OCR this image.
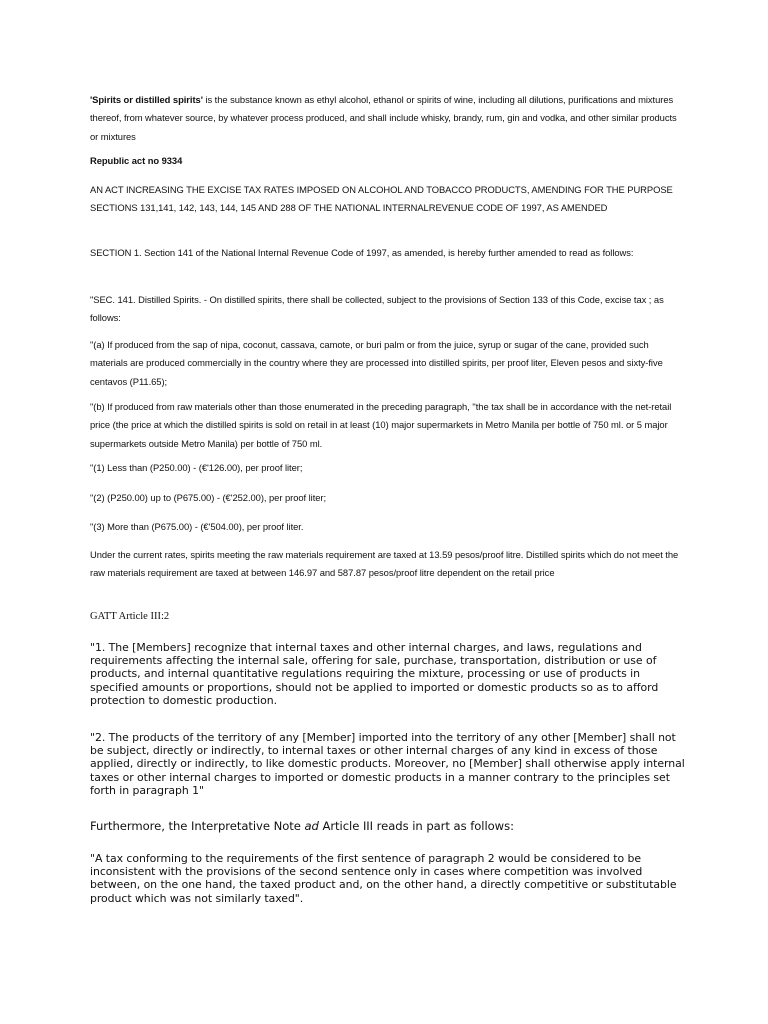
'Spirits or distilled spirits' is the substance known as ethyl alcohol, ethanol or spirits of wine, including all dilutions, purifications and mixtures thereof, from whatever source, by whatever process produced, and shall include whisky, brandy, rum, gin and vodka, and other similar products or mixtures

Republic act no 9334

AN ACT INCREASING THE EXCISE TAX RATES IMPOSED ON ALCOHOL AND TOBACCO PRODUCTS, AMENDING FOR THE PURPOSE SECTIONS 131,141, 142, 143, 144, 145 AND 288 OF THE NATIONAL INTERNALREVENUE CODE OF 1997, AS AMENDED

SECTION 1. Section 141 of the National Internal Revenue Code of 1997, as amended, is hereby further amended to read as follows:

"SEC. 141. Distilled Spirits. - On distilled spirits, there shall be collected, subject to the provisions of Section 133 of this Code, excise tax ; as follows:

"(a) If produced from the sap of nipa, coconut, cassava, camote, or buri palm or from the juice, syrup or sugar of the cane, provided such materials are produced commercially in the country where they are processed into distilled spirits, per proof liter, Eleven pesos and sixty-five centavos (P11.65);

"(b) If produced from raw materials other than those enumerated in the preceding paragraph, ''the tax shall be in accordance with the net-retail price (the price at which the distilled spirits is sold on retail in at least (10) major supermarkets in Metro Manila per bottle of 750 ml. or 5 major supermarkets outside Metro Manila) per bottle of 750 ml.

"(1) Less than (P250.00) - (€'126.00), per proof liter;

"(2) (P250.00) up to (P675.00) - (€'252.00), per proof liter;

"(3) More than (P675.00) - (€'504.00), per proof liter.

Under the current rates, spirits meeting the raw materials requirement are taxed at 13.59 pesos/proof litre. Distilled spirits which do not meet the raw materials requirement are taxed at between 146.97 and 587.87 pesos/proof litre dependent on the retail price

GATT Article III:2

"1. The [Members] recognize that internal taxes and other internal charges, and laws, regulations and requirements affecting the internal sale, offering for sale, purchase, transportation, distribution or use of products, and internal quantitative regulations requiring the mixture, processing or use of products in specified amounts or proportions, should not be applied to imported or domestic products so as to afford protection to domestic production.

"2. The products of the territory of any [Member] imported into the territory of any other [Member] shall not be subject, directly or indirectly, to internal taxes or other internal charges of any kind in excess of those applied, directly or indirectly, to like domestic products. Moreover, no [Member] shall otherwise apply internal taxes or other internal charges to imported or domestic products in a manner contrary to the principles set forth in paragraph 1"

Furthermore, the Interpretative Note ad Article III reads in part as follows:

"A tax conforming to the requirements of the first sentence of paragraph 2 would be considered to be inconsistent with the provisions of the second sentence only in cases where competition was involved between, on the one hand, the taxed product and, on the other hand, a directly competitive or substitutable product which was not similarly taxed".
